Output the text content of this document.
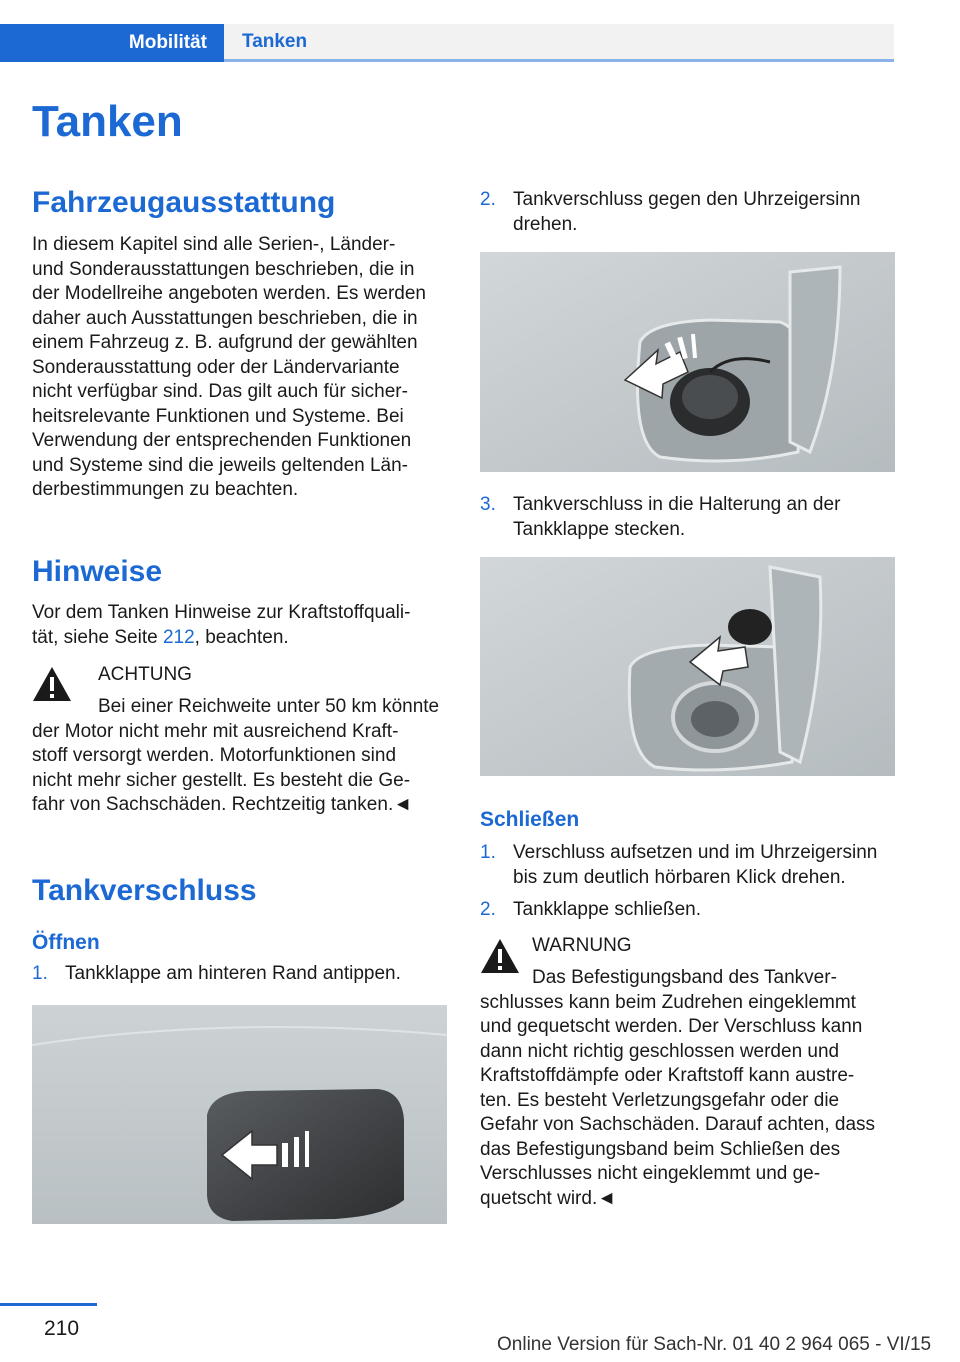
Mobilität	Tanken
Tanken
Fahrzeugausstattung
In diesem Kapitel sind alle Serien-, Länder‐
und Sonderausstattungen beschrieben, die in
der Modellreihe angeboten werden. Es werden
daher auch Ausstattungen beschrieben, die in
einem Fahrzeug z. B. aufgrund der gewählten
Sonderausstattung oder der Ländervariante
nicht verfügbar sind. Das gilt auch für sicher‐
heitsrelevante Funktionen und Systeme. Bei
Verwendung der entsprechenden Funktionen
und Systeme sind die jeweils geltenden Län‐
derbestimmungen zu beachten.
Hinweise
Vor dem Tanken Hinweise zur Kraftstoffquali‐
tät, siehe Seite 212, beachten.
ACHTUNG
Bei einer Reichweite unter 50 km könnte
der Motor nicht mehr mit ausreichend Kraft‐
stoff versorgt werden. Motorfunktionen sind
nicht mehr sicher gestellt. Es besteht die Ge‐
fahr von Sachschäden. Rechtzeitig tanken.◄
Tankverschluss
Öffnen
1. Tankklappe am hinteren Rand antippen.
2. Tankverschluss gegen den Uhrzeigersinn
drehen.
3. Tankverschluss in die Halterung an der
Tankklappe stecken.
Schließen
1. Verschluss aufsetzen und im Uhrzeigersinn
bis zum deutlich hörbaren Klick drehen.
2. Tankklappe schließen.
WARNUNG
Das Befestigungsband des Tankver‐
schlusses kann beim Zudrehen eingeklemmt
und gequetscht werden. Der Verschluss kann
dann nicht richtig geschlossen werden und
Kraftstoffdämpfe oder Kraftstoff kann austre‐
ten. Es besteht Verletzungsgefahr oder die
Gefahr von Sachschäden. Darauf achten, dass
das Befestigungsband beim Schließen des
Verschlusses nicht eingeklemmt und ge‐
quetscht wird.◄
210
Online Version für Sach-Nr. 01 40 2 964 065 - VI/15
